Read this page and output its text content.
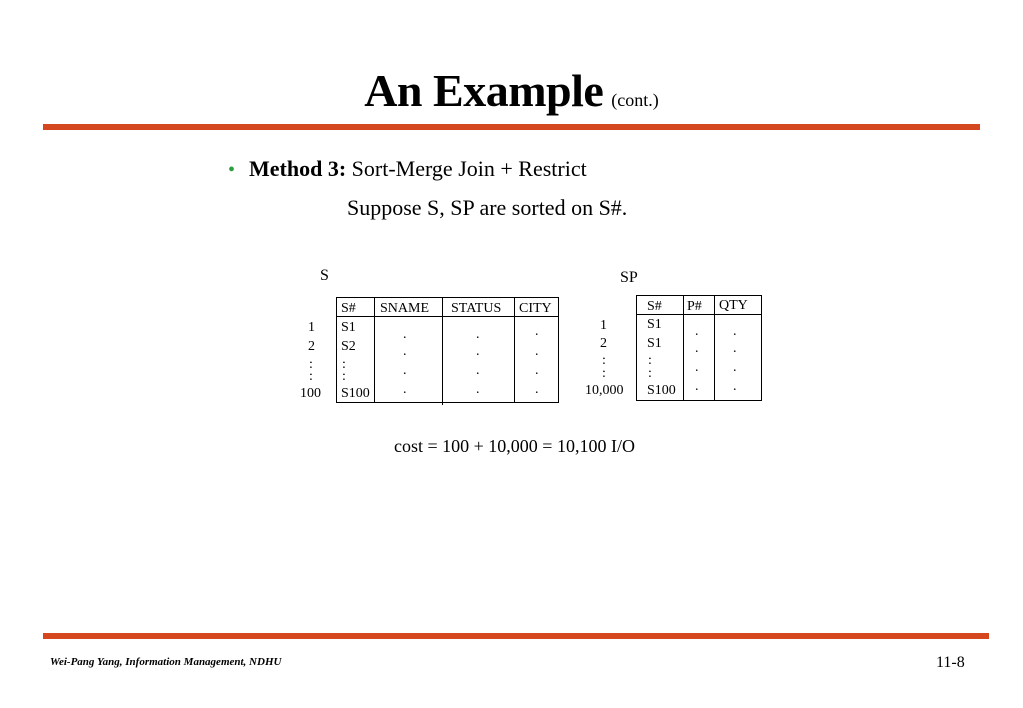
An Example (cont.)
• Method 3: Sort-Merge Join + Restrict
Suppose S, SP are sorted on S#.
S
S# SNAME STATUS CITY
1
2
:
:
100
S1
S2
:
:
S100
.
.
.
.
.
.
.
.
.
.
.
.
SP
S# P# QTY
1
2
:
:
10,000
S1
S1
:
:
S100
.
.
.
.
.
.
.
.
cost = 100 + 10,000 = 10,100 I/O
Wei-Pang Yang, Information Management, NDHU	11-8
